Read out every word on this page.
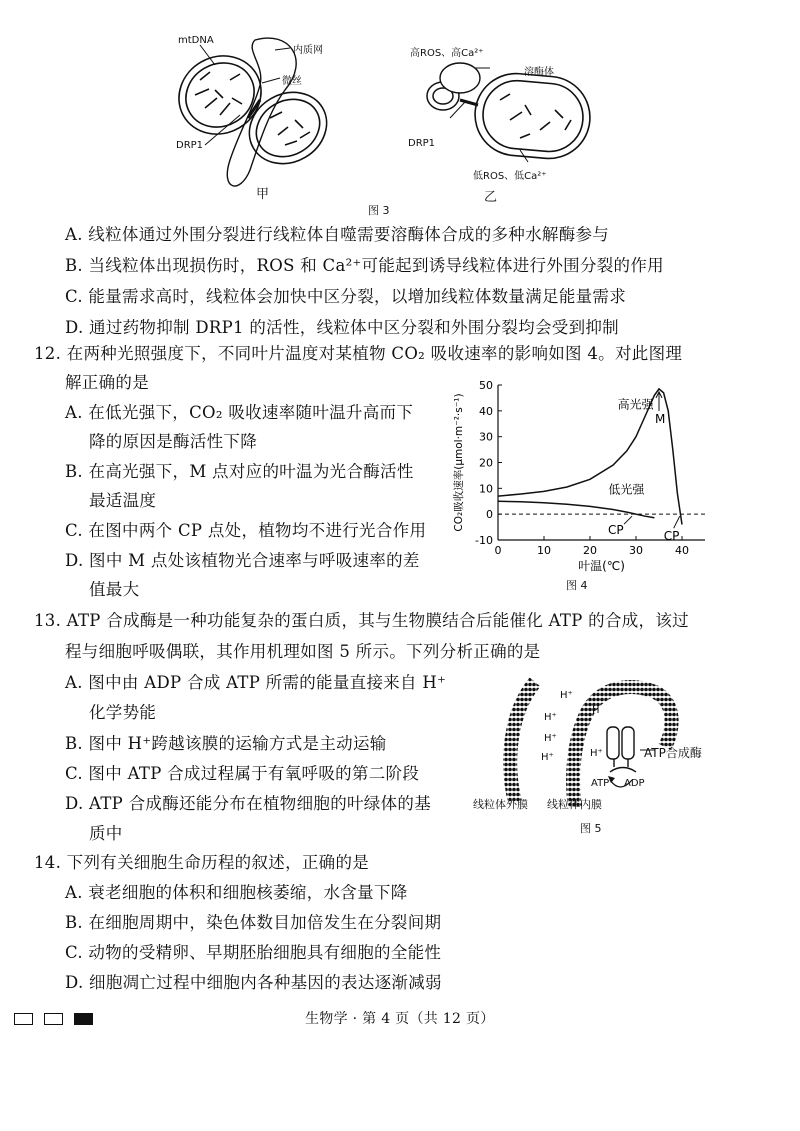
mtDNA
内质网
微丝
DRP1
甲
高ROS、高Ca²⁺
溶酶体
DRP1
低ROS、低Ca²⁺
乙
图 3
A. 线粒体通过外围分裂进行线粒体自噬需要溶酶体合成的多种水解酶参与
B. 当线粒体出现损伤时，ROS 和 Ca²⁺可能起到诱导线粒体进行外围分裂的作用
C. 能量需求高时，线粒体会加快中区分裂，以增加线粒体数量满足能量需求
D. 通过药物抑制 DRP1 的活性，线粒体中区分裂和外围分裂均会受到抑制
12. 在两种光照强度下，不同叶片温度对某植物 CO₂ 吸收速率的影响如图 4。对此图理
解正确的是
A. 在低光强下，CO₂ 吸收速率随叶温升高而下
降的原因是酶活性下降
B. 在高光强下，M 点对应的叶温为光合酶活性
最适温度
C. 在图中两个 CP 点处，植物均不进行光合作用
D. 图中 M 点处该植物光合速率与呼吸速率的差
值最大
-10
0
10
20
30
40
50
0	10	20	30	40
高光强
低光强
M
CP	CP
叶温(℃)
CO₂吸收速率(μmol·m⁻²·s⁻¹)
图 4
13. ATP 合成酶是一种功能复杂的蛋白质，其与生物膜结合后能催化 ATP 的合成，该过
程与细胞呼吸偶联，其作用机理如图 5 所示。下列分析正确的是
A. 图中由 ADP 合成 ATP 所需的能量直接来自 H⁺
化学势能
B. 图中 H⁺跨越该膜的运输方式是主动运输
C. 图中 ATP 合成过程属于有氧呼吸的第二阶段
D. ATP 合成酶还能分布在植物细胞的叶绿体的基
质中
H⁺
H⁺
H⁺
H⁺
H
H⁺	ATP合成酶
ATP ADP
线粒体外膜 线粒体内膜
图 5
14. 下列有关细胞生命历程的叙述，正确的是
A. 衰老细胞的体积和细胞核萎缩，水含量下降
B. 在细胞周期中，染色体数目加倍发生在分裂间期
C. 动物的受精卵、早期胚胎细胞具有细胞的全能性
D. 细胞凋亡过程中细胞内各种基因的表达逐渐减弱
生物学 · 第 4 页（共 12 页）
